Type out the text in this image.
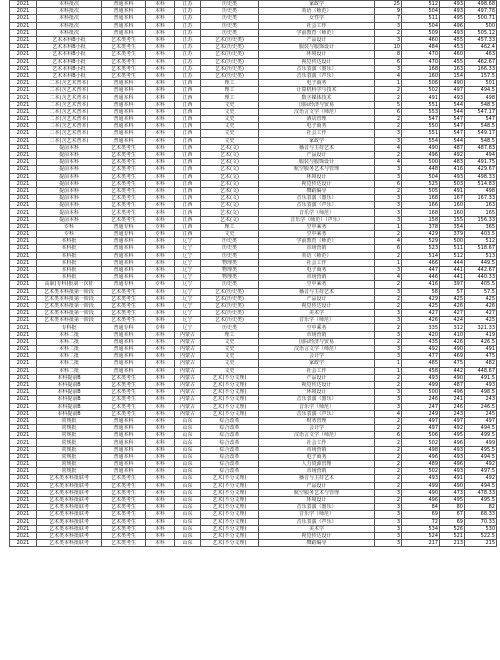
2021	本科批次	普通本科	本科	江苏	历史类	家政学	25	512	493	498.68
2021	本科批次	普通本科	本科	江苏	历史类	英语（师范）	9	504	493	497.78
2021	本科批次	普通本科	本科	江苏	历史类	女性学	7	511	495	500.71
2021	本科批次	普通本科	本科	江苏	历史类	社会工作	3	504	496	500
2021	本科批次	普通本科	本科	江苏	历史类	学前教育（师范）	2	509	493	505.12
2021	艺术本科B小批	艺术类考生	本科	江苏	艺术(历史类)	产品设计	3	460	455	457.33
2021	艺术本科B小批	艺术类考生	本科	江苏	艺术(历史类)	服装与服饰设计	10	484	453	462.4
2021	艺术本科B小批	艺术类考生	本科	江苏	艺术(历史类)	环境设计	8	470	460	463
2021	艺术本科B小批	艺术类考生	本科	江苏	艺术(历史类)	视觉传达设计	6	470	455	462.67
2021	艺术本科B小批	艺术类考生	本科	江苏	艺术(历史类)	音乐表演（器乐）	3	168	163	166.33
2021	艺术本科B小批	艺术类考生	本科	江苏	艺术(历史类)	音乐表演（声乐）	4	160	154	157.5
2021	二本(含艺术普本)	普通本科	本科	江西	理工	电子商务	1	506	490	501
2021	二本(含艺术普本)	普通本科	本科	江西	理工	计算机科学与技术	2	502	497	494.5
2021	二本(含艺术普本)	普通本科	本科	江西	理工	数字媒体技术	2	491	493	498
2021	二本(含艺术普本)	普通本科	本科	江西	文史	国际经济与贸易	5	551	544	548.5
2021	二本(含艺术普本)	普通本科	本科	江西	文史	汉语言文学（师范）	6	553	544	547.17
2021	二本(含艺术普本)	普通本科	本科	江西	文史	酒店管理	2	547	547	547
2021	二本(含艺术普本)	普通本科	本科	江西	文史	电子商务	2	550	547	548.5
2021	二本(含艺术普本)	普通本科	本科	江西	文史	社会工作	3	551	547	549.17
2021	二本(含艺术普本)	普通本科	本科	江西	文史	家政学	3	554	544	548.5
2021	提前本科	艺术类考生	本科	江西	艺术(文)	播音与主持艺术	4	490	487	487.83
2021	提前本科	艺术类考生	本科	江西	艺术(文)	产品设计	2	496	492	494
2021	提前本科	艺术类考生	本科	江西	艺术(文)	服装与服饰设计	4	500	483	491.75
2021	提前本科	艺术类考生	本科	江西	艺术(文)	航空服务艺术与管理	3	448	416	429.67
2021	提前本科	艺术类考生	本科	江西	艺术(文)	环境设计	3	504	493	498.33
2021	提前本科	艺术类考生	本科	江西	艺术(文)	视觉传达设计	6	525	503	514.83
2021	提前本科	艺术类考生	本科	江西	艺术(文)	舞蹈编导	2	505	491	498
2021	提前本科	艺术类考生	本科	江西	艺术(文)	音乐表演（器乐）	3	168	167	167.33
2021	提前本科	艺术类考生	本科	江西	艺术(文)	音乐表演（声乐）	3	166	160	163
2021	提前本科	艺术类考生	本科	江西	艺术(文)	音乐学（师范）	3	168	160	165
2021	提前本科	艺术类考生	本科	江西	艺术(文)	音乐学（师范）（声乐）	3	158	155	156.33
2021	专科	普通专科	专科	江西	理工	空中乘务	1	378	354	365
2021	专科	普通专科	专科	江西	文史	空中乘务	2	429	379	403.5
2021	本科批	普通本科	本科	辽宁	历史类	学前教育（师范）	4	529	500	512
2021	本科批	普通本科	本科	辽宁	历史类	市场营销	6	523	511	518.67
2021	本科批	普通本科	本科	辽宁	历史类	英语（师范）	2	514	512	513
2021	本科批	普通本科	本科	辽宁	物理类	社会工作	1	466	444	449.5
2021	本科批	普通本科	本科	辽宁	物理类	电子商务	3	447	441	442.67
2021	本科批	普通本科	本科	辽宁	物理类	市场营销	4	446	441	440.33
2021	高职(专科)批第一次征	普通专科	专科	辽宁	历史类	空中乘务	2	416	397	405.5
2021	艺术类本科批第一阶段	艺术类考生	本科	辽宁	艺术(历史类)	播音与主持艺术	3	58	57	57.5
2021	艺术类本科批第一阶段	艺术类考生	本科	辽宁	艺术(历史类)	产品设计	2	429	425	425
2021	艺术类本科批第一阶段	艺术类考生	本科	辽宁	艺术(历史类)	视觉传达设计	2	425	426	426
2021	艺术类本科批第一阶段	艺术类考生	本科	辽宁	艺术(历史类)	美术学	3	427	427	427
2021	艺术类本科批第一阶段	艺术类考生	本科	辽宁	艺术(历史类)	音乐学（师范）	3	426	424	425
2021	专科批	普通专科	专科	辽宁	历史类	空中乘务	2	335	312	321.33
2021	本科二批	普通本科	本科	内蒙古	理工	市场营销	3	420	410	419
2021	本科二批	普通本科	本科	内蒙古	文史	国际经济与贸易	2	435	426	426.5
2021	本科二批	普通本科	本科	内蒙古	文史	汉语言文学（师范）	3	492	490	491
2021	本科二批	普通本科	本科	内蒙古	文史	会计学	3	477	469	475
2021	本科二批	普通本科	本科	内蒙古	文史	家政学	1	485	475	482
2021	本科二批	普通本科	本科	内蒙古	文史	社会工作	1	458	442	448.67
2021	本科提前B	艺术类考生	本科	内蒙古	艺术(不分文理)	产品设计	2	493	490	491.5
2021	本科提前B	艺术类考生	本科	内蒙古	艺术(不分文理)	视觉传达设计	2	499	487	493
2021	本科提前B	艺术类考生	本科	内蒙古	艺术(不分文理)	环境设计	3	500	496	498.5
2021	本科提前B	艺术类考生	本科	内蒙古	艺术(不分文理)	音乐表演（器乐）	3	246	241	243
2021	本科提前B	艺术类考生	本科	内蒙古	艺术(不分文理)	音乐学（师范）	3	247	246	246.5
2021	本科提前B	艺术类考生	本科	内蒙古	艺术(不分文理)	音乐表演（声乐）	4	249	243	245
2021	常规批	普通本科	本科	山东	综合改革	财务管理	2	497	497	497
2021	常规批	普通本科	本科	山东	综合改革	会计学	2	497	492	494.5
2021	常规批	普通本科	本科	山东	综合改革	汉语言文学（师范）	6	506	495	499.5
2021	常规批	普通本科	本科	山东	综合改革	社会工作	2	502	496	499
2021	常规批	普通本科	本科	山东	综合改革	市场营销	2	498	493	495.5
2021	常规批	普通本科	本科	山东	综合改革	电子商务	2	496	493	494.5
2021	常规批	普通本科	本科	山东	综合改革	人力资源管理	2	489	496	492
2021	常规批	普通本科	本科	山东	综合改革	市场营销	2	502	493	497.5
2021	艺术类本科批联考	艺术类考生	本科	山东	艺术(不分文理)	播音与主持艺术	2	493	491	492
2021	艺术类本科批联考	艺术类考生	本科	山东	艺术(不分文理)	产品设计	2	499	490	494.5
2021	艺术类本科批联考	艺术类考生	本科	山东	艺术(不分文理)	航空服务艺术与管理	3	490	473	478.33
2021	艺术类本科批联考	艺术类考生	本科	山东	艺术(不分文理)	环境设计	2	496	495	495.5
2021	艺术类本科批联考	艺术类考生	本科	山东	艺术(不分文理)	音乐表演（器乐）	3	84	80	82
2021	艺术类本科批联考	艺术类考生	本科	山东	艺术(不分文理)	音乐学（师范）	3	69	67	68.33
2021	艺术类本科批联考	艺术类考生	本科	山东	艺术(不分文理)	音乐表演（声乐）	3	72	69	70.33
2021	艺术类本科批联考	艺术类考生	本科	山东	艺术(不分文理)	美术学	3	534	526	530
2021	艺术类本科批联考	艺术类考生	本科	山东	艺术(不分文理)	视觉传达设计	3	524	521	522.5
2021	艺术类本科批联考	艺术类考生	本科	山东	艺术(不分文理)	舞蹈编导	3	217	213	215
